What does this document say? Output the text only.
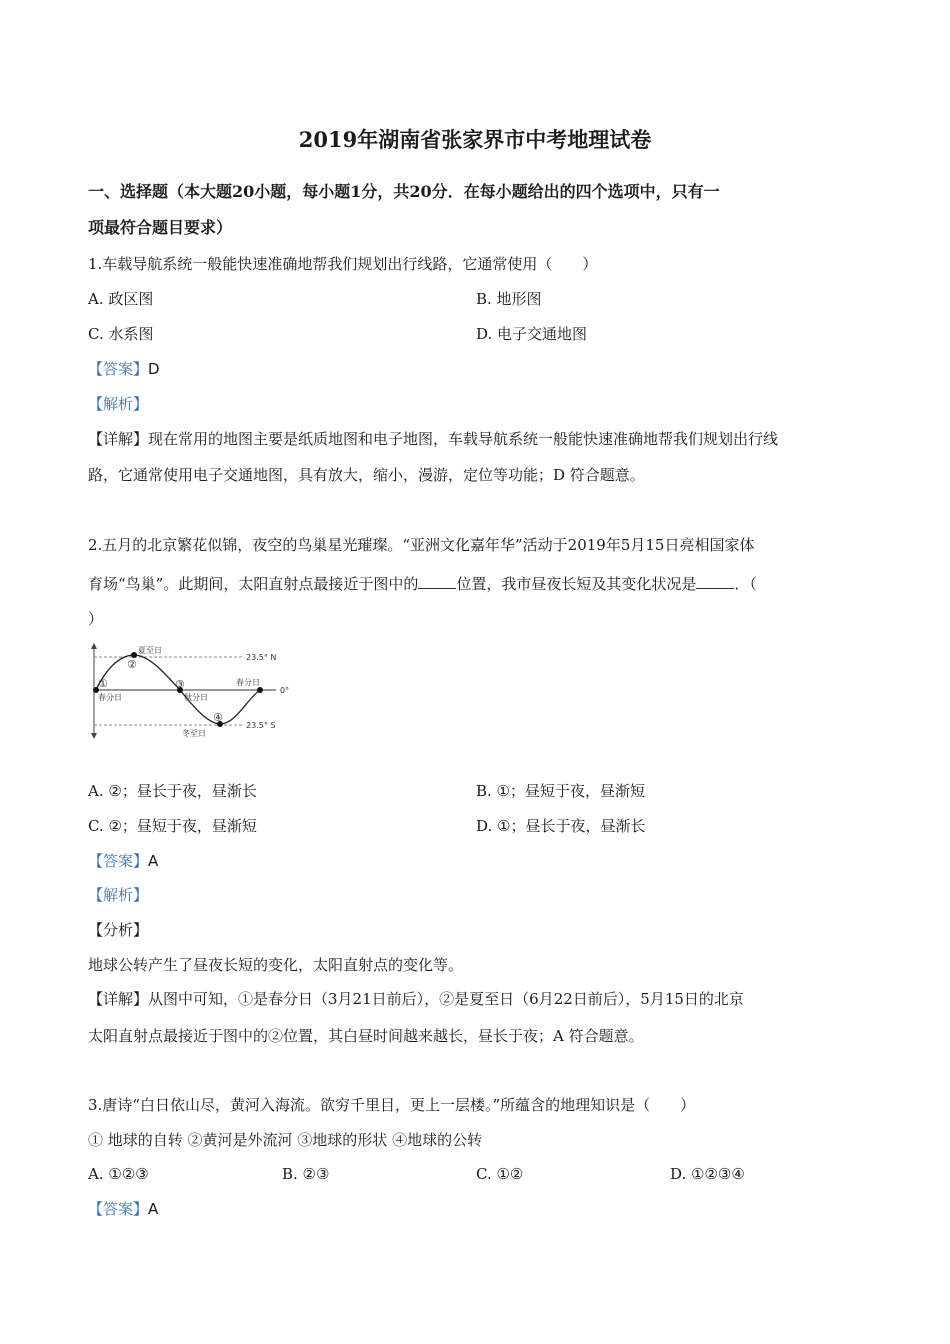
2019年湖南省张家界市中考地理试卷
一、选择题（本大题20小题，每小题1分，共20分．在每小题给出的四个选项中，只有一
项最符合题目要求）
1.车载导航系统一般能快速准确地帮我们规划出行线路，它通常使用（　　）
A. 政区图	B. 地形图
C. 水系图	D. 电子交通地图
【答案】D
【解析】
【详解】现在常用的地图主要是纸质地图和电子地图，车载导航系统一般能快速准确地帮我们规划出行线
路，它通常使用电子交通地图，具有放大，缩小，漫游，定位等功能；D 符合题意。
2.五月的北京繁花似锦，夜空的鸟巢星光璀璨。“亚洲文化嘉年华”活动于2019年5月15日亮相国家体
育场“鸟巢”。此期间，太阳直射点最接近于图中的	位置，我市昼夜长短及其变化状况是	．（
）
①
②
③
④
夏至日
春分日	秋分日
春分日
冬至日
23.5° N
0°
23.5° S
A. ②；昼长于夜，昼渐长	B. ①；昼短于夜，昼渐短
C. ②；昼短于夜，昼渐短	D. ①；昼长于夜，昼渐长
【答案】A
【解析】
【分析】
地球公转产生了昼夜长短的变化，太阳直射点的变化等。
【详解】从图中可知，①是春分日（3月21日前后），②是夏至日（6月22日前后），5月15日的北京
太阳直射点最接近于图中的②位置，其白昼时间越来越长，昼长于夜；A 符合题意。
3.唐诗“白日依山尽，黄河入海流。欲穷千里目，更上一层楼。”所蕴含的地理知识是（　　）
① 地球的自转 ②黄河是外流河 ③地球的形状 ④地球的公转
A. ①②③	B. ②③	C. ①②	D. ①②③④
【答案】A
